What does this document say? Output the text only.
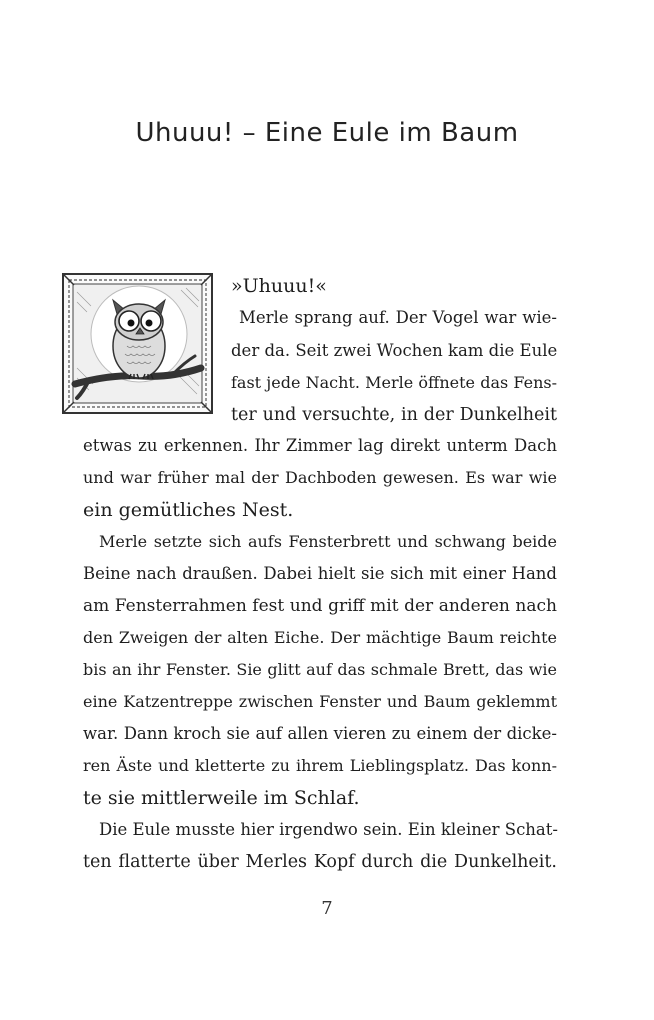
Uhuuu! – Eine Eule im Baum
»Uhuuu!«
Merle sprang auf. Der Vogel war wie-
der da. Seit zwei Wochen kam die Eule
fast jede Nacht. Merle öffnete das Fens-
ter und versuchte, in der Dunkelheit
etwas zu erkennen. Ihr Zimmer lag direkt unterm Dach
und war früher mal der Dachboden gewesen. Es war wie
ein gemütliches Nest.
Merle setzte sich aufs Fensterbrett und schwang beide
Beine nach draußen. Dabei hielt sie sich mit einer Hand
am Fensterrahmen fest und griff mit der anderen nach
den Zweigen der alten Eiche. Der mächtige Baum reichte
bis an ihr Fenster. Sie glitt auf das schmale Brett, das wie
eine Katzentreppe zwischen Fenster und Baum geklemmt
war. Dann kroch sie auf allen vieren zu einem der dicke-
ren Äste und kletterte zu ihrem Lieblingsplatz. Das konn-
te sie mittlerweile im Schlaf.
Die Eule musste hier irgendwo sein. Ein kleiner Schat-
ten flatterte über Merles Kopf durch die Dunkelheit.
7
